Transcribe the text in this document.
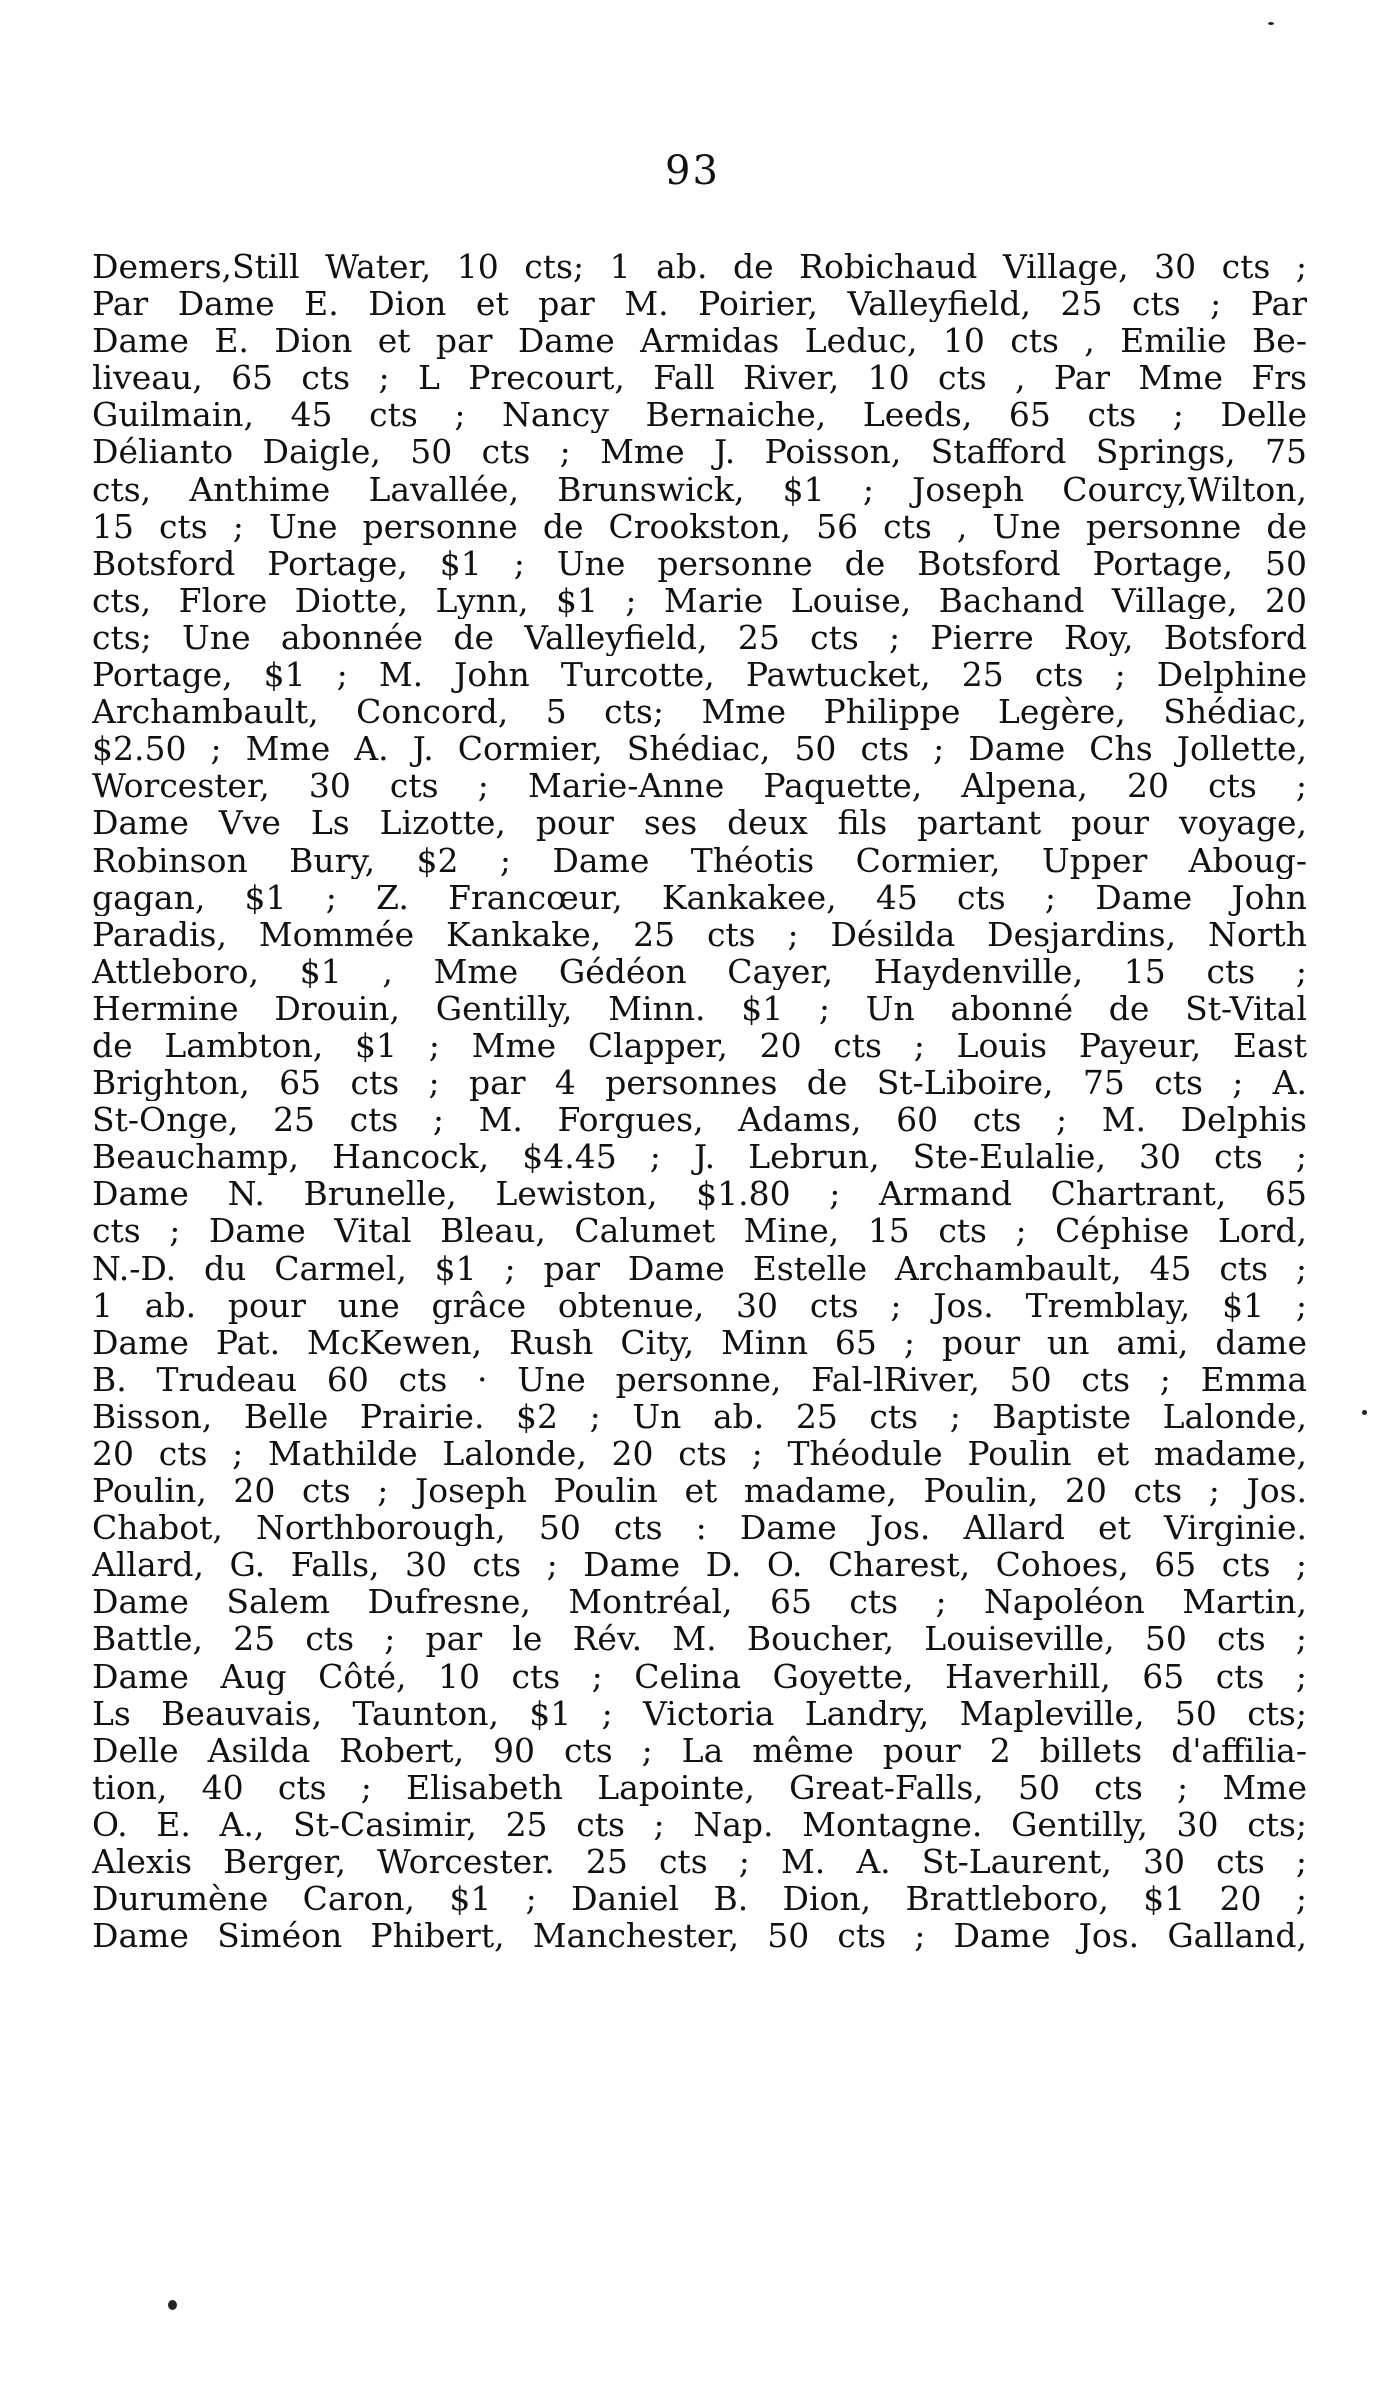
93
Demers,Still Water, 10 cts; 1 ab. de Robichaud Village, 30 cts ;
Par Dame E. Dion et par M. Poirier, Valleyfield, 25 cts ; Par
Dame E. Dion et par Dame Armidas Leduc, 10 cts , Emilie Be-
liveau, 65 cts ; L Precourt, Fall River, 10 cts , Par Mme Frs
Guilmain, 45 cts ; Nancy Bernaiche, Leeds, 65 cts ; Delle
Délianto Daigle, 50 cts ; Mme J. Poisson, Stafford Springs, 75
cts, Anthime Lavallée, Brunswick, $1 ; Joseph Courcy,Wilton,
15 cts ; Une personne de Crookston, 56 cts , Une personne de
Botsford Portage, $1 ; Une personne de Botsford Portage, 50
cts, Flore Diotte, Lynn, $1 ; Marie Louise, Bachand Village, 20
cts; Une abonnée de Valleyfield, 25 cts ; Pierre Roy, Botsford
Portage, $1 ; M. John Turcotte, Pawtucket, 25 cts ; Delphine
Archambault, Concord, 5 cts; Mme Philippe Legère, Shédiac,
$2.50 ; Mme A. J. Cormier, Shédiac, 50 cts ; Dame Chs Jollette,
Worcester, 30 cts ; Marie-Anne Paquette, Alpena, 20 cts ;
Dame Vve Ls Lizotte, pour ses deux fils partant pour voyage,
Robinson Bury, $2 ; Dame Théotis Cormier, Upper Aboug-
gagan, $1 ; Z. Francœur, Kankakee, 45 cts ; Dame John
Paradis, Mommée Kankake, 25 cts ; Désilda Desjardins, North
Attleboro, $1 , Mme Gédéon Cayer, Haydenville, 15 cts ;
Hermine Drouin, Gentilly, Minn. $1 ; Un abonné de St-Vital
de Lambton, $1 ; Mme Clapper, 20 cts ; Louis Payeur, East
Brighton, 65 cts ; par 4 personnes de St-Liboire, 75 cts ; A.
St-Onge, 25 cts ; M. Forgues, Adams, 60 cts ; M. Delphis
Beauchamp, Hancock, $4.45 ; J. Lebrun, Ste-Eulalie, 30 cts ;
Dame N. Brunelle, Lewiston, $1.80 ; Armand Chartrant, 65
cts ; Dame Vital Bleau, Calumet Mine, 15 cts ; Céphise Lord,
N.-D. du Carmel, $1 ; par Dame Estelle Archambault, 45 cts ;
1 ab. pour une grâce obtenue, 30 cts ; Jos. Tremblay, $1 ;
Dame Pat. McKewen, Rush City, Minn 65 ; pour un ami, dame
B. Trudeau 60 cts · Une personne, Fal-lRiver, 50 cts ; Emma
Bisson, Belle Prairie. $2 ; Un ab. 25 cts ; Baptiste Lalonde,
20 cts ; Mathilde Lalonde, 20 cts ; Théodule Poulin et madame,
Poulin, 20 cts ; Joseph Poulin et madame, Poulin, 20 cts ; Jos.
Chabot, Northborough, 50 cts : Dame Jos. Allard et Virginie.
Allard, G. Falls, 30 cts ; Dame D. O. Charest, Cohoes, 65 cts ;
Dame Salem Dufresne, Montréal, 65 cts ; Napoléon Martin,
Battle, 25 cts ; par le Rév. M. Boucher, Louiseville, 50 cts ;
Dame Aug Côté, 10 cts ; Celina Goyette, Haverhill, 65 cts ;
Ls Beauvais, Taunton, $1 ; Victoria Landry, Mapleville, 50 cts;
Delle Asilda Robert, 90 cts ; La même pour 2 billets d'affilia-
tion, 40 cts ; Elisabeth Lapointe, Great-Falls, 50 cts ; Mme
O. E. A., St-Casimir, 25 cts ; Nap. Montagne. Gentilly, 30 cts;
Alexis Berger, Worcester. 25 cts ; M. A. St-Laurent, 30 cts ;
Durumène Caron, $1 ; Daniel B. Dion, Brattleboro, $1 20 ;
Dame Siméon Phibert, Manchester, 50 cts ; Dame Jos. Galland,
